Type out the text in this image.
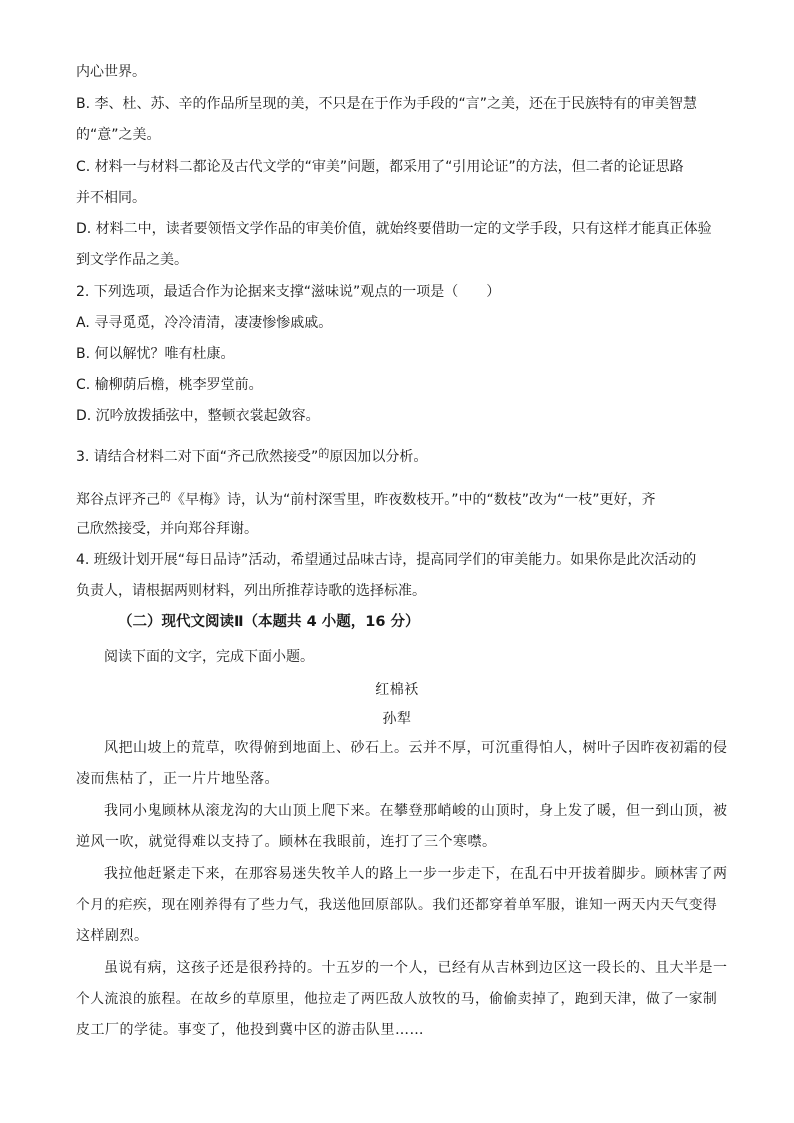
内心世界。
B. 李、杜、苏、辛的作品所呈现的美，不只是在于作为手段的“言”之美，还在于民族特有的审美智慧
的“意”之美。
C. 材料一与材料二都论及古代文学的“审美”问题，都采用了“引用论证”的方法，但二者的论证思路
并不相同。
D. 材料二中，读者要领悟文学作品的审美价值，就始终要借助一定的文学手段，只有这样才能真正体验
到文学作品之美。
2. 下列选项，最适合作为论据来支撑“滋味说”观点的一项是（　　）
A. 寻寻觅觅，冷冷清清，凄凄惨惨戚戚。
B. 何以解忧？唯有杜康。
C. 榆柳荫后檐，桃李罗堂前。
D. 沉吟放拨插弦中，整顿衣裳起敛容。
3. 请结合材料二对下面“齐己欣然接受”$^的$原因加以分析。
郑谷点评齐己$^的$《早梅》诗，认为“前村深雪里，昨夜数枝开。”中的“数枝”改为“一枝”更好，齐
己欣然接受，并向郑谷拜谢。
4. 班级计划开展“每日品诗”活动，希望通过品味古诗，提高同学们的审美能力。如果你是此次活动的
负责人，请根据两则材料，列出所推荐诗歌的选择标准。
（二）现代文阅读Ⅱ（本题共 4 小题，16 分）
阅读下面的文字，完成下面小题。
红棉袄
孙犁
风把山坡上的荒草，吹得俯到地面上、砂石上。云并不厚，可沉重得怕人，树叶子因昨夜初霜的侵
凌而焦枯了，正一片片地坠落。
我同小鬼顾林从滚龙沟的大山顶上爬下来。在攀登那峭峻的山顶时，身上发了暖，但一到山顶，被
逆风一吹，就觉得难以支持了。顾林在我眼前，连打了三个寒噤。
我拉他赶紧走下来，在那容易迷失牧羊人的路上一步一步走下，在乱石中开拔着脚步。顾林害了两
个月的疟疾，现在刚养得有了些力气，我送他回原部队。我们还都穿着单军服，谁知一两天内天气变得
这样剧烈。
虽说有病，这孩子还是很矜持的。十五岁的一个人，已经有从吉林到边区这一段长的、且大半是一
个人流浪的旅程。在故乡的草原里，他拉走了两匹敌人放牧的马，偷偷卖掉了，跑到天津，做了一家制
皮工厂的学徒。事变了，他投到冀中区的游击队里……
